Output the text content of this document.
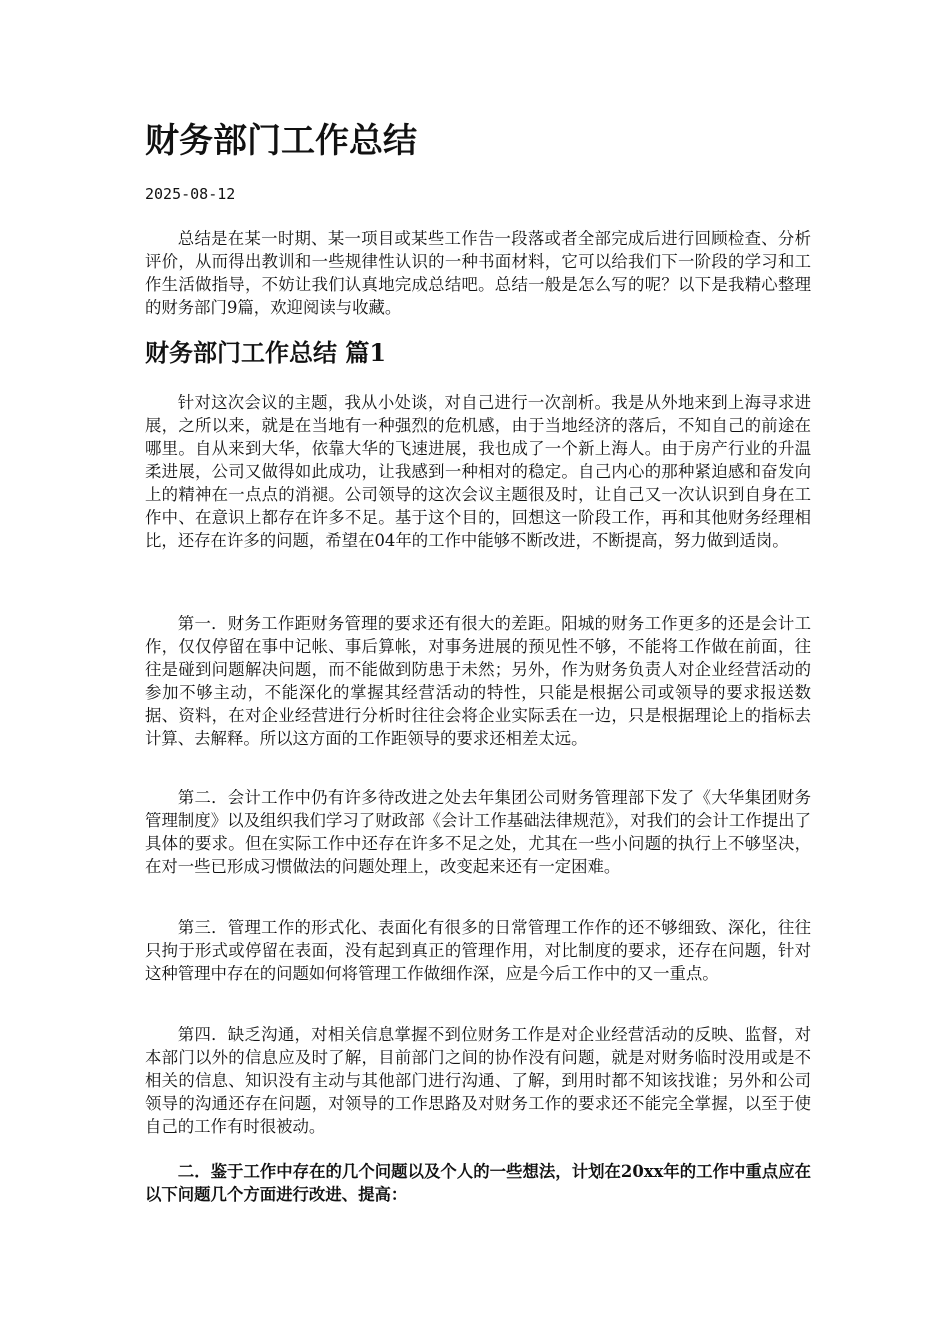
财务部门工作总结
2025-08-12

总结是在某一时期、某一项目或某些工作告一段落或者全部完成后进行回顾检查、分析评价，从而得出教训和一些规律性认识的一种书面材料，它可以给我们下一阶段的学习和工作生活做指导，不妨让我们认真地完成总结吧。总结一般是怎么写的呢？以下是我精心整理的财务部门9篇，欢迎阅读与收藏。

财务部门工作总结 篇1

针对这次会议的主题，我从小处谈，对自己进行一次剖析。我是从外地来到上海寻求进展，之所以来，就是在当地有一种强烈的危机感，由于当地经济的落后，不知自己的前途在哪里。自从来到大华，依靠大华的飞速进展，我也成了一个新上海人。由于房产行业的升温柔进展，公司又做得如此成功，让我感到一种相对的稳定。自己内心的那种紧迫感和奋发向上的精神在一点点的消褪。公司领导的这次会议主题很及时，让自己又一次认识到自身在工作中、在意识上都存在许多不足。基于这个目的，回想这一阶段工作，再和其他财务经理相比，还存在许多的问题，希望在04年的工作中能够不断改进，不断提高，努力做到适岗。

第一．财务工作距财务管理的要求还有很大的差距。阳城的财务工作更多的还是会计工作，仅仅停留在事中记帐、事后算帐，对事务进展的预见性不够，不能将工作做在前面，往往是碰到问题解决问题，而不能做到防患于未然；另外，作为财务负责人对企业经营活动的参加不够主动，不能深化的掌握其经营活动的特性，只能是根据公司或领导的要求报送数据、资料，在对企业经营进行分析时往往会将企业实际丢在一边，只是根据理论上的指标去计算、去解释。所以这方面的工作距领导的要求还相差太远。

第二．会计工作中仍有许多待改进之处去年集团公司财务管理部下发了《大华集团财务管理制度》以及组织我们学习了财政部《会计工作基础法律规范》，对我们的会计工作提出了具体的要求。但在实际工作中还存在许多不足之处，尤其在一些小问题的执行上不够坚决，在对一些已形成习惯做法的问题处理上，改变起来还有一定困难。

第三．管理工作的形式化、表面化有很多的日常管理工作作的还不够细致、深化，往往只拘于形式或停留在表面，没有起到真正的管理作用，对比制度的要求，还存在问题，针对这种管理中存在的问题如何将管理工作做细作深，应是今后工作中的又一重点。

第四．缺乏沟通，对相关信息掌握不到位财务工作是对企业经营活动的反映、监督，对本部门以外的信息应及时了解，目前部门之间的协作没有问题，就是对财务临时没用或是不相关的信息、知识没有主动与其他部门进行沟通、了解，到用时都不知该找谁；另外和公司领导的沟通还存在问题，对领导的工作思路及对财务工作的要求还不能完全掌握，以至于使自己的工作有时很被动。

二．鉴于工作中存在的几个问题以及个人的一些想法，计划在20xx年的工作中重点应在以下问题几个方面进行改进、提高：
